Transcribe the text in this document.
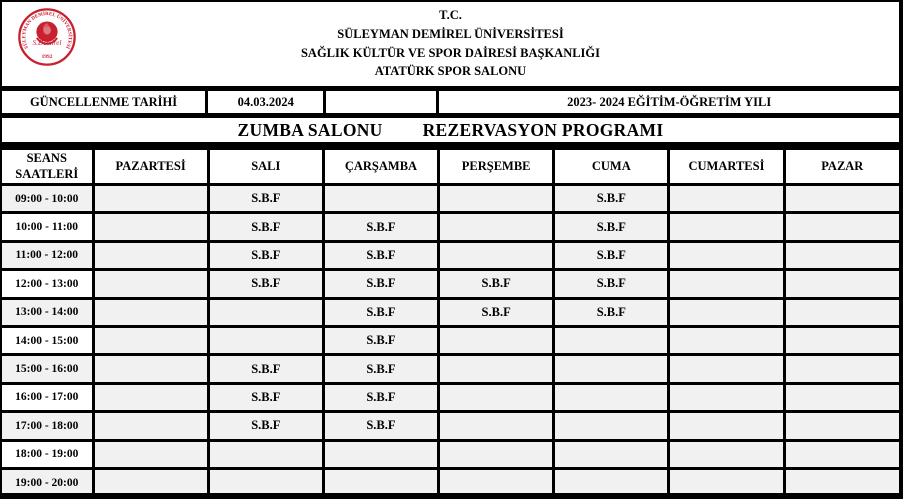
SÜLEYMAN DEMİREL ÜNİVERSİTESİ
S.Demirel
1992
T.C.
SÜLEYMAN DEMİREL ÜNİVERSİTESİ
SAĞLIK KÜLTÜR VE SPOR DAİRESİ BAŞKANLIĞI
ATATÜRK SPOR SALONU
GÜNCELLENME TARİHİ	04.03.2024		2023- 2024 EĞİTİM-ÖĞRETİM YILI
ZUMBA SALONU REZERVASYON PROGRAMI
SEANS SAATLERİ	PAZARTESİ	SALI	ÇARŞAMBA	PERŞEMBE	CUMA	CUMARTESİ	PAZAR
09:00 - 10:00		S.B.F			S.B.F		
10:00 - 11:00		S.B.F	S.B.F		S.B.F		
11:00 - 12:00		S.B.F	S.B.F		S.B.F		
12:00 - 13:00		S.B.F	S.B.F	S.B.F	S.B.F		
13:00 - 14:00			S.B.F	S.B.F	S.B.F		
14:00 - 15:00			S.B.F				
15:00 - 16:00		S.B.F	S.B.F				
16:00 - 17:00		S.B.F	S.B.F				
17:00 - 18:00		S.B.F	S.B.F				
18:00 - 19:00							
19:00 - 20:00							
